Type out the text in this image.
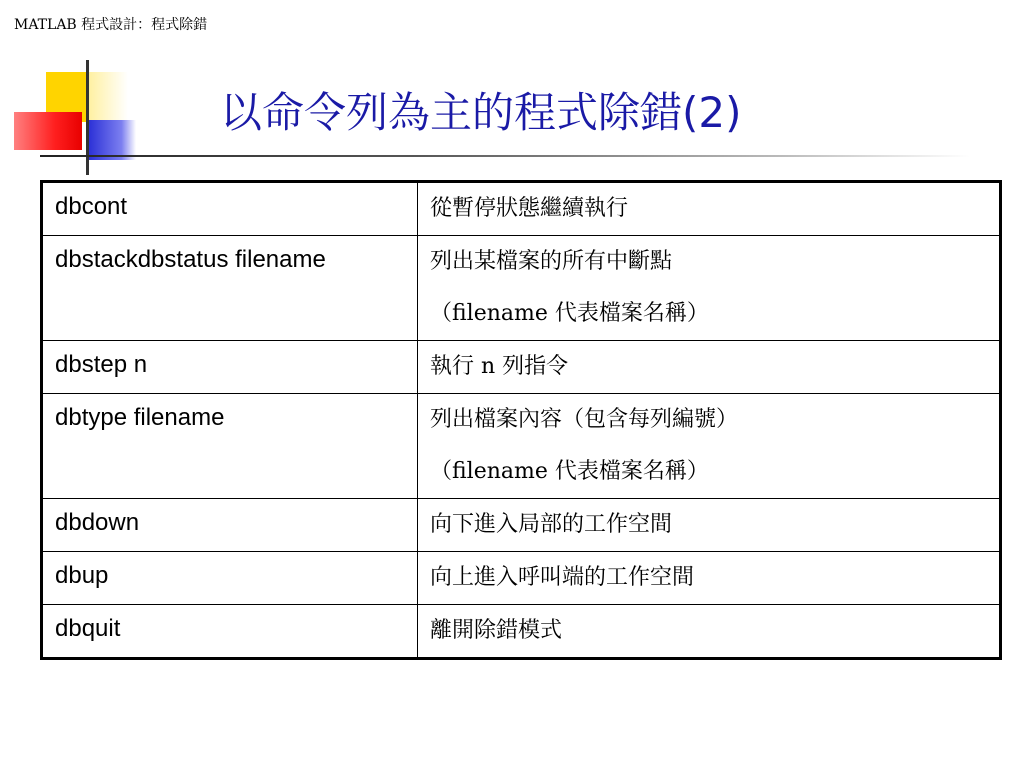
MATLAB 程式設計：程式除錯
以命令列為主的程式除錯(2)
dbcont	從暫停狀態繼續執行

dbstackdbstatus filename	列出某檔案的所有中斷點
（filename 代表檔案名稱）

dbstep n	執行 n 列指令

dbtype filename	列出檔案內容（包含每列編號）
（filename 代表檔案名稱）

dbdown	向下進入局部的工作空間

dbup	向上進入呼叫端的工作空間

dbquit	離開除錯模式
